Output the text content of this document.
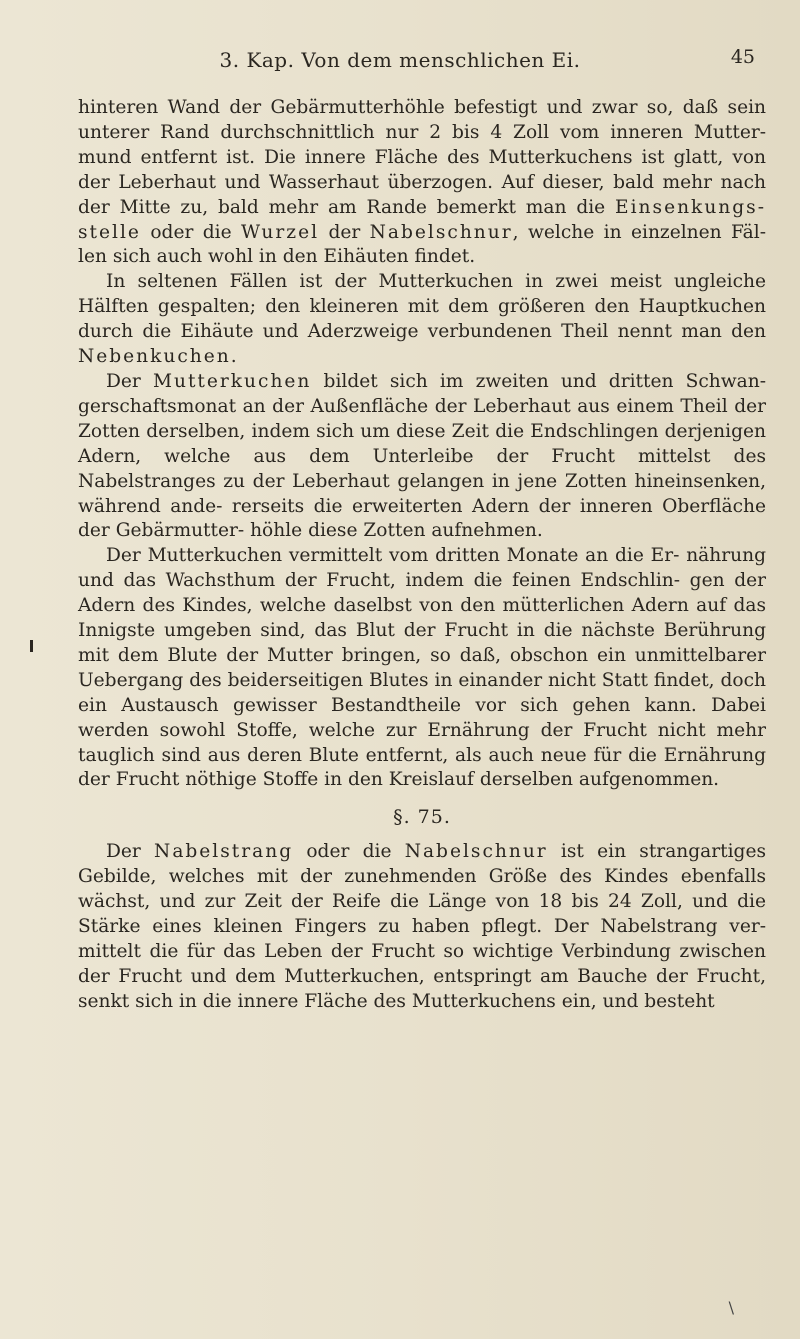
3. Kap. Von dem menschlichen Ei.	45

hinteren Wand der Gebärmutterhöhle befestigt und zwar so, daß sein unterer Rand durchschnittlich nur 2 bis 4 Zoll vom inneren Mutter- mund entfernt ist. Die innere Fläche des Mutterkuchens ist glatt, von der Leberhaut und Wasserhaut überzogen. Auf dieser, bald mehr nach der Mitte zu, bald mehr am Rande bemerkt man die Einsenkungs- stelle oder die Wurzel der Nabelschnur, welche in einzelnen Fäl- len sich auch wohl in den Eihäuten findet.

In seltenen Fällen ist der Mutterkuchen in zwei meist ungleiche Hälften gespalten; den kleineren mit dem größeren den Hauptkuchen durch die Eihäute und Aderzweige verbundenen Theil nennt man den Nebenkuchen.

Der Mutterkuchen bildet sich im zweiten und dritten Schwan- gerschaftsmonat an der Außenfläche der Leberhaut aus einem Theil der Zotten derselben, indem sich um diese Zeit die Endschlingen derjenigen Adern, welche aus dem Unterleibe der Frucht mittelst des Nabelstranges zu der Leberhaut gelangen in jene Zotten hineinsenken, während ande- rerseits die erweiterten Adern der inneren Oberfläche der Gebärmutter- höhle diese Zotten aufnehmen.

Der Mutterkuchen vermittelt vom dritten Monate an die Er- nährung und das Wachsthum der Frucht, indem die feinen Endschlin- gen der Adern des Kindes, welche daselbst von den mütterlichen Adern auf das Innigste umgeben sind, das Blut der Frucht in die nächste Berührung mit dem Blute der Mutter bringen, so daß, obschon ein unmittelbarer Uebergang des beiderseitigen Blutes in einander nicht Statt findet, doch ein Austausch gewisser Bestandtheile vor sich gehen kann. Dabei werden sowohl Stoffe, welche zur Ernährung der Frucht nicht mehr tauglich sind aus deren Blute entfernt, als auch neue für die Ernährung der Frucht nöthige Stoffe in den Kreislauf derselben aufgenommen.

§. 75.

Der Nabelstrang oder die Nabelschnur ist ein strangartiges Gebilde, welches mit der zunehmenden Größe des Kindes ebenfalls wächst, und zur Zeit der Reife die Länge von 18 bis 24 Zoll, und die Stärke eines kleinen Fingers zu haben pflegt. Der Nabelstrang ver- mittelt die für das Leben der Frucht so wichtige Verbindung zwischen der Frucht und dem Mutterkuchen, entspringt am Bauche der Frucht, senkt sich in die innere Fläche des Mutterkuchens ein, und besteht

\
